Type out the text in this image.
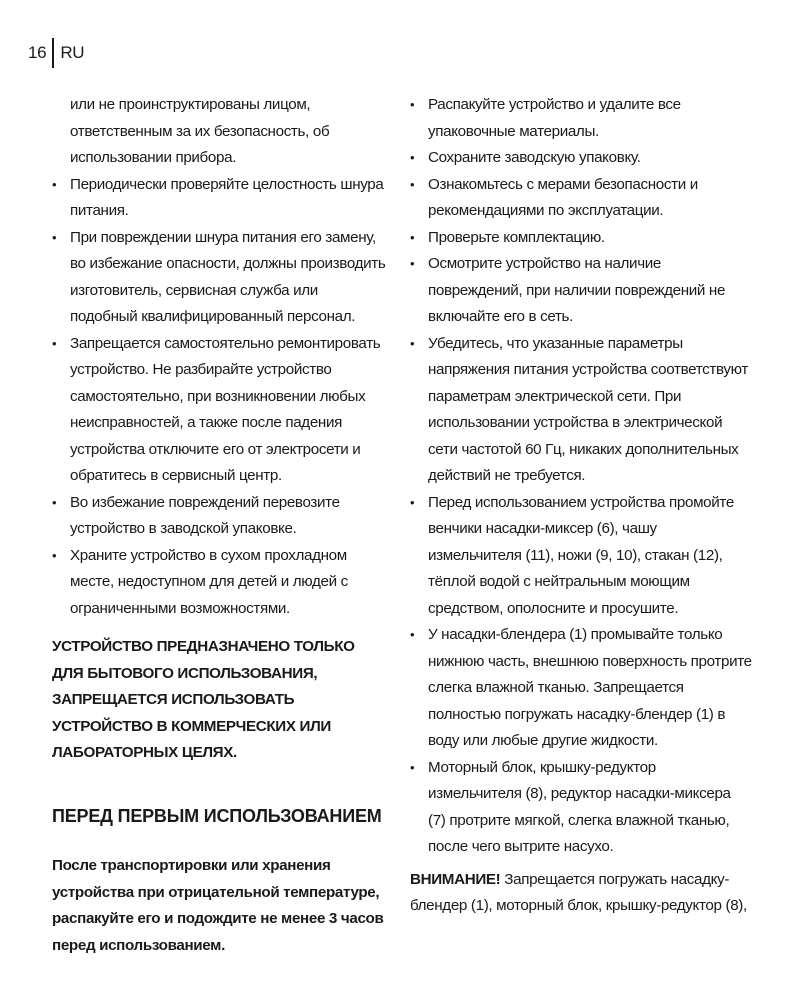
16 RU

или не проинструктированы лицом, ответственным за их безопасность, об использовании прибора.

• Периодически проверяйте целостность шнура питания.
• При повреждении шнура питания его замену, во избежание опасности, должны производить изготовитель, сервисная служба или подобный квалифицированный персонал.
• Запрещается самостоятельно ремонтировать устройство. Не разбирайте устройство самостоятельно, при возникновении любых неисправностей, а также после падения устройства отключите его от электросети и обратитесь в сервисный центр.
• Во избежание повреждений перевозите устройство в заводской упаковке.
• Храните устройство в сухом прохладном месте, недоступном для детей и людей с ограниченными возможностями.

УСТРОЙСТВО ПРЕДНАЗНАЧЕНО ТОЛЬКО ДЛЯ БЫТОВОГО ИСПОЛЬЗОВАНИЯ, ЗАПРЕЩАЕТСЯ ИСПОЛЬЗОВАТЬ УСТРОЙСТВО В КОММЕРЧЕСКИХ ИЛИ ЛАБОРАТОРНЫХ ЦЕЛЯХ.

ПЕРЕД ПЕРВЫМ ИСПОЛЬЗОВАНИЕМ

После транспортировки или хранения устройства при отрицательной температуре, распакуйте его и подождите не менее 3 часов перед использованием.

• Распакуйте устройство и удалите все упаковочные материалы.
• Сохраните заводскую упаковку.
• Ознакомьтесь с мерами безопасности и рекомендациями по эксплуатации.
• Проверьте комплектацию.
• Осмотрите устройство на наличие повреждений, при наличии повреждений не включайте его в сеть.
• Убедитесь, что указанные параметры напряжения питания устройства соответствуют параметрам электрической сети. При использовании устройства в электрической сети частотой 60 Гц, никаких дополнительных действий не требуется.
• Перед использованием устройства промойте венчики насадки-миксер (6), чашу измельчителя (11), ножи (9, 10), стакан (12), тёплой водой с нейтральным моющим средством, ополосните и просушите.
• У насадки-блендера (1) промывайте только нижнюю часть, внешнюю поверхность протрите слегка влажной тканью. Запрещается полностью погружать насадку-блендер (1) в воду или любые другие жидкости.
• Моторный блок, крышку-редуктор измельчителя (8), редуктор насадки-миксера (7) протрите мягкой, слегка влажной тканью, после чего вытрите насухо.

ВНИМАНИЕ! Запрещается погружать насадку-блендер (1), моторный блок, крышку-редуктор (8),
